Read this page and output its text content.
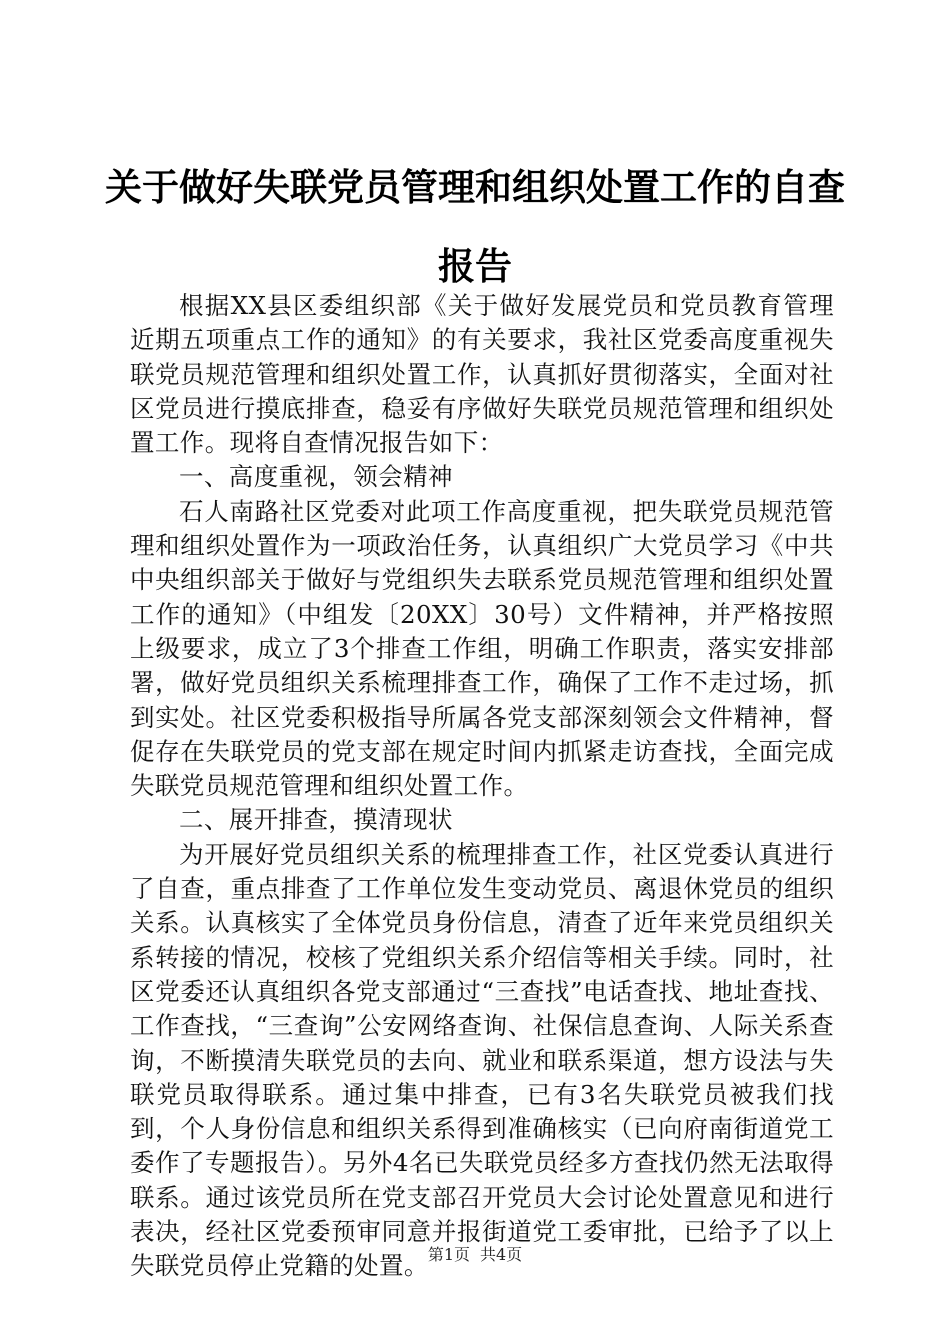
关于做好失联党员管理和组织处置工作的自查
报告

根据XX县区委组织部《关于做好发展党员和党员教育管理近期五项重点工作的通知》的有关要求，我社区党委高度重视失联党员规范管理和组织处置工作，认真抓好贯彻落实，全面对社区党员进行摸底排查，稳妥有序做好失联党员规范管理和组织处置工作。现将自查情况报告如下：

一、高度重视，领会精神

石人南路社区党委对此项工作高度重视，把失联党员规范管理和组织处置作为一项政治任务，认真组织广大党员学习《中共中央组织部关于做好与党组织失去联系党员规范管理和组织处置工作的通知》（中组发〔20XX〕30号）文件精神，并严格按照上级要求，成立了3个排查工作组，明确工作职责，落实安排部署，做好党员组织关系梳理排查工作，确保了工作不走过场，抓到实处。社区党委积极指导所属各党支部深刻领会文件精神，督促存在失联党员的党支部在规定时间内抓紧走访查找，全面完成失联党员规范管理和组织处置工作。

二、展开排查，摸清现状

为开展好党员组织关系的梳理排查工作，社区党委认真进行了自查，重点排查了工作单位发生变动党员、离退休党员的组织关系。认真核实了全体党员身份信息，清查了近年来党员组织关系转接的情况，校核了党组织关系介绍信等相关手续。同时，社区党委还认真组织各党支部通过“三查找”电话查找、地址查找、工作查找，“三查询”公安网络查询、社保信息查询、人际关系查询，不断摸清失联党员的去向、就业和联系渠道，想方设法与失联党员取得联系。通过集中排查，已有3名失联党员被我们找到，个人身份信息和组织关系得到准确核实（已向府南街道党工委作了专题报告）。另外4名已失联党员经多方查找仍然无法取得联系。通过该党员所在党支部召开党员大会讨论处置意见和进行表决，经社区党委预审同意并报街道党工委审批，已给予了以上失联党员停止党籍的处置。 第1页 共4页
